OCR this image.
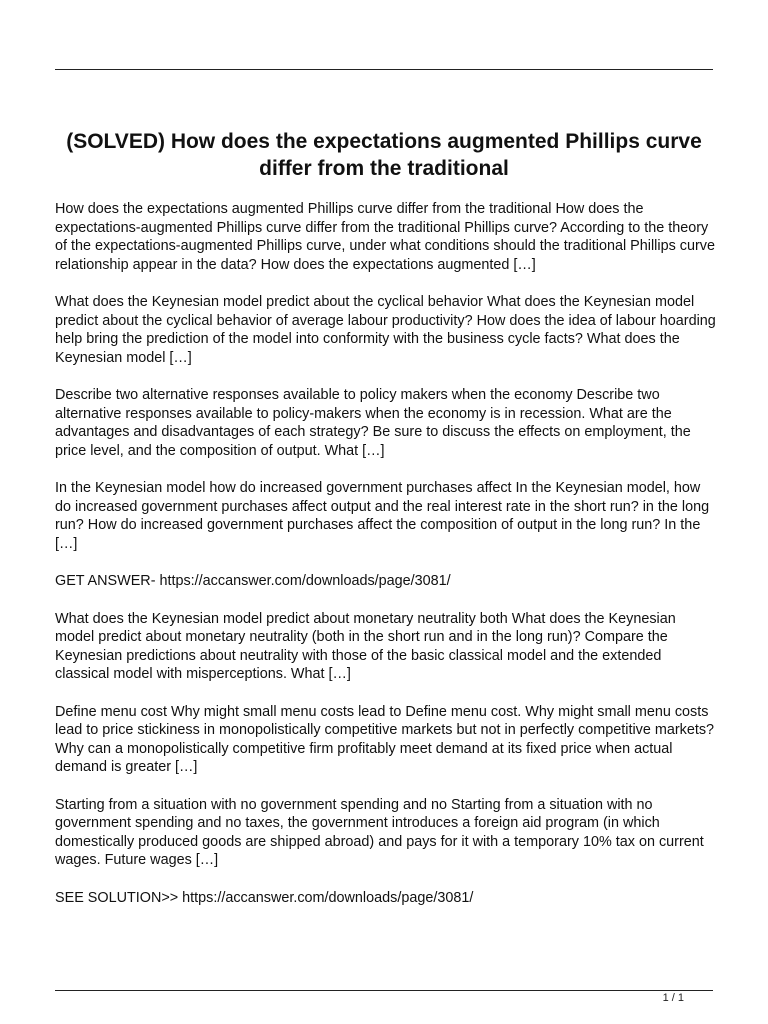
(SOLVED) How does the expectations augmented Phillips curve differ from the traditional

How does the expectations augmented Phillips curve differ from the traditional How does the expectations-augmented Phillips curve differ from the traditional Phillips curve? According to the theory of the expectations-augmented Phillips curve, under what conditions should the traditional Phillips curve relationship appear in the data? How does the expectations augmented […]

What does the Keynesian model predict about the cyclical behavior What does the Keynesian model predict about the cyclical behavior of average labour productivity? How does the idea of labour hoarding help bring the prediction of the model into conformity with the business cycle facts? What does the Keynesian model […]

Describe two alternative responses available to policy makers when the economy Describe two alternative responses available to policy-makers when the economy is in recession. What are the advantages and disadvantages of each strategy? Be sure to discuss the effects on employment, the price level, and the composition of output. What […]

In the Keynesian model how do increased government purchases affect In the Keynesian model, how do increased government purchases affect output and the real interest rate in the short run? in the long run? How do increased government purchases affect the composition of output in the long run? In the […]

GET ANSWER- https://accanswer.com/downloads/page/3081/

What does the Keynesian model predict about monetary neutrality both What does the Keynesian model predict about monetary neutrality (both in the short run and in the long run)? Compare the Keynesian predictions about neutrality with those of the basic classical model and the extended classical model with misperceptions. What […]

Define menu cost Why might small menu costs lead to Define menu cost. Why might small menu costs lead to price stickiness in monopolistically competitive markets but not in perfectly competitive markets? Why can a monopolistically competitive firm profitably meet demand at its fixed price when actual demand is greater […]

Starting from a situation with no government spending and no Starting from a situation with no government spending and no taxes, the government introduces a foreign aid program (in which domestically produced goods are shipped abroad) and pays for it with a temporary 10% tax on current wages. Future wages […]

SEE SOLUTION>> https://accanswer.com/downloads/page/3081/

1 / 1
